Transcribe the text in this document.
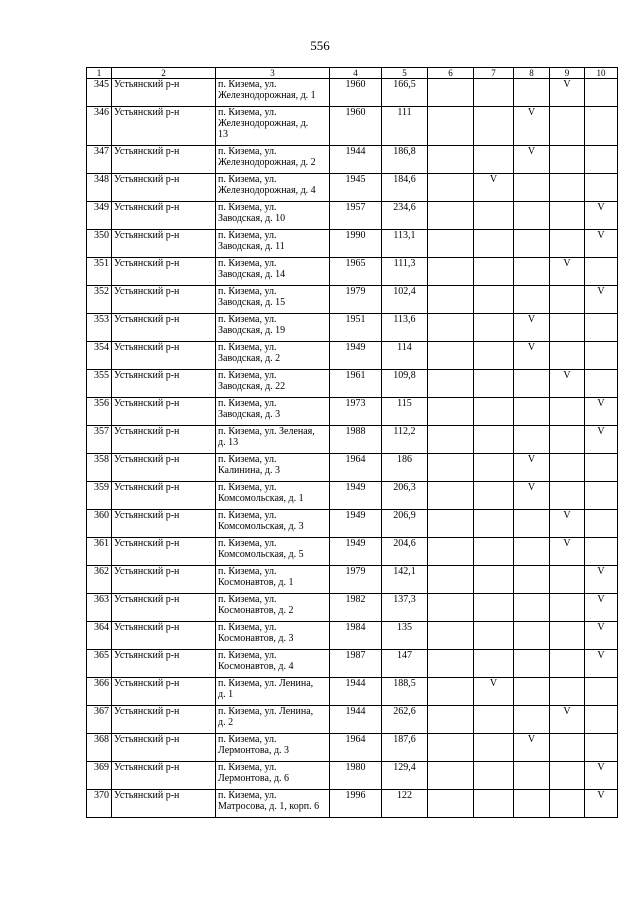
556
1	2	3	4	5	6	7	8	9	10
345	Устьянский р-н	п. Кизема, ул.
Железнодорожная, д. 1	1960	166,5				V	
346	Устьянский р-н	п. Кизема, ул.
Железнодорожная, д.
13	1960	111			V		
347	Устьянский р-н	п. Кизема, ул.
Железнодорожная, д. 2	1944	186,8			V		
348	Устьянский р-н	п. Кизема, ул.
Железнодорожная, д. 4	1945	184,6		V			
349	Устьянский р-н	п. Кизема, ул.
Заводская, д. 10	1957	234,6					V
350	Устьянский р-н	п. Кизема, ул.
Заводская, д. 11	1990	113,1					V
351	Устьянский р-н	п. Кизема, ул.
Заводская, д. 14	1965	111,3				V	
352	Устьянский р-н	п. Кизема, ул.
Заводская, д. 15	1979	102,4					V
353	Устьянский р-н	п. Кизема, ул.
Заводская, д. 19	1951	113,6			V		
354	Устьянский р-н	п. Кизема, ул.
Заводская, д. 2	1949	114			V		
355	Устьянский р-н	п. Кизема, ул.
Заводская, д. 22	1961	109,8				V	
356	Устьянский р-н	п. Кизема, ул.
Заводская, д. 3	1973	115					V
357	Устьянский р-н	п. Кизема, ул. Зеленая,
д. 13	1988	112,2					V
358	Устьянский р-н	п. Кизема, ул.
Калинина, д. 3	1964	186			V		
359	Устьянский р-н	п. Кизема, ул.
Комсомольская, д. 1	1949	206,3			V		
360	Устьянский р-н	п. Кизема, ул.
Комсомольская, д. 3	1949	206,9				V	
361	Устьянский р-н	п. Кизема, ул.
Комсомольская, д. 5	1949	204,6				V	
362	Устьянский р-н	п. Кизема, ул.
Космонавтов, д. 1	1979	142,1					V
363	Устьянский р-н	п. Кизема, ул.
Космонавтов, д. 2	1982	137,3					V
364	Устьянский р-н	п. Кизема, ул.
Космонавтов, д. 3	1984	135					V
365	Устьянский р-н	п. Кизема, ул.
Космонавтов, д. 4	1987	147					V
366	Устьянский р-н	п. Кизема, ул. Ленина,
д. 1	1944	188,5		V			
367	Устьянский р-н	п. Кизема, ул. Ленина,
д. 2	1944	262,6				V	
368	Устьянский р-н	п. Кизема, ул.
Лермонтова, д. 3	1964	187,6			V		
369	Устьянский р-н	п. Кизема, ул.
Лермонтова, д. 6	1980	129,4					V
370	Устьянский р-н	п. Кизема, ул.
Матросова, д. 1, корп. 6	1996	122					V
